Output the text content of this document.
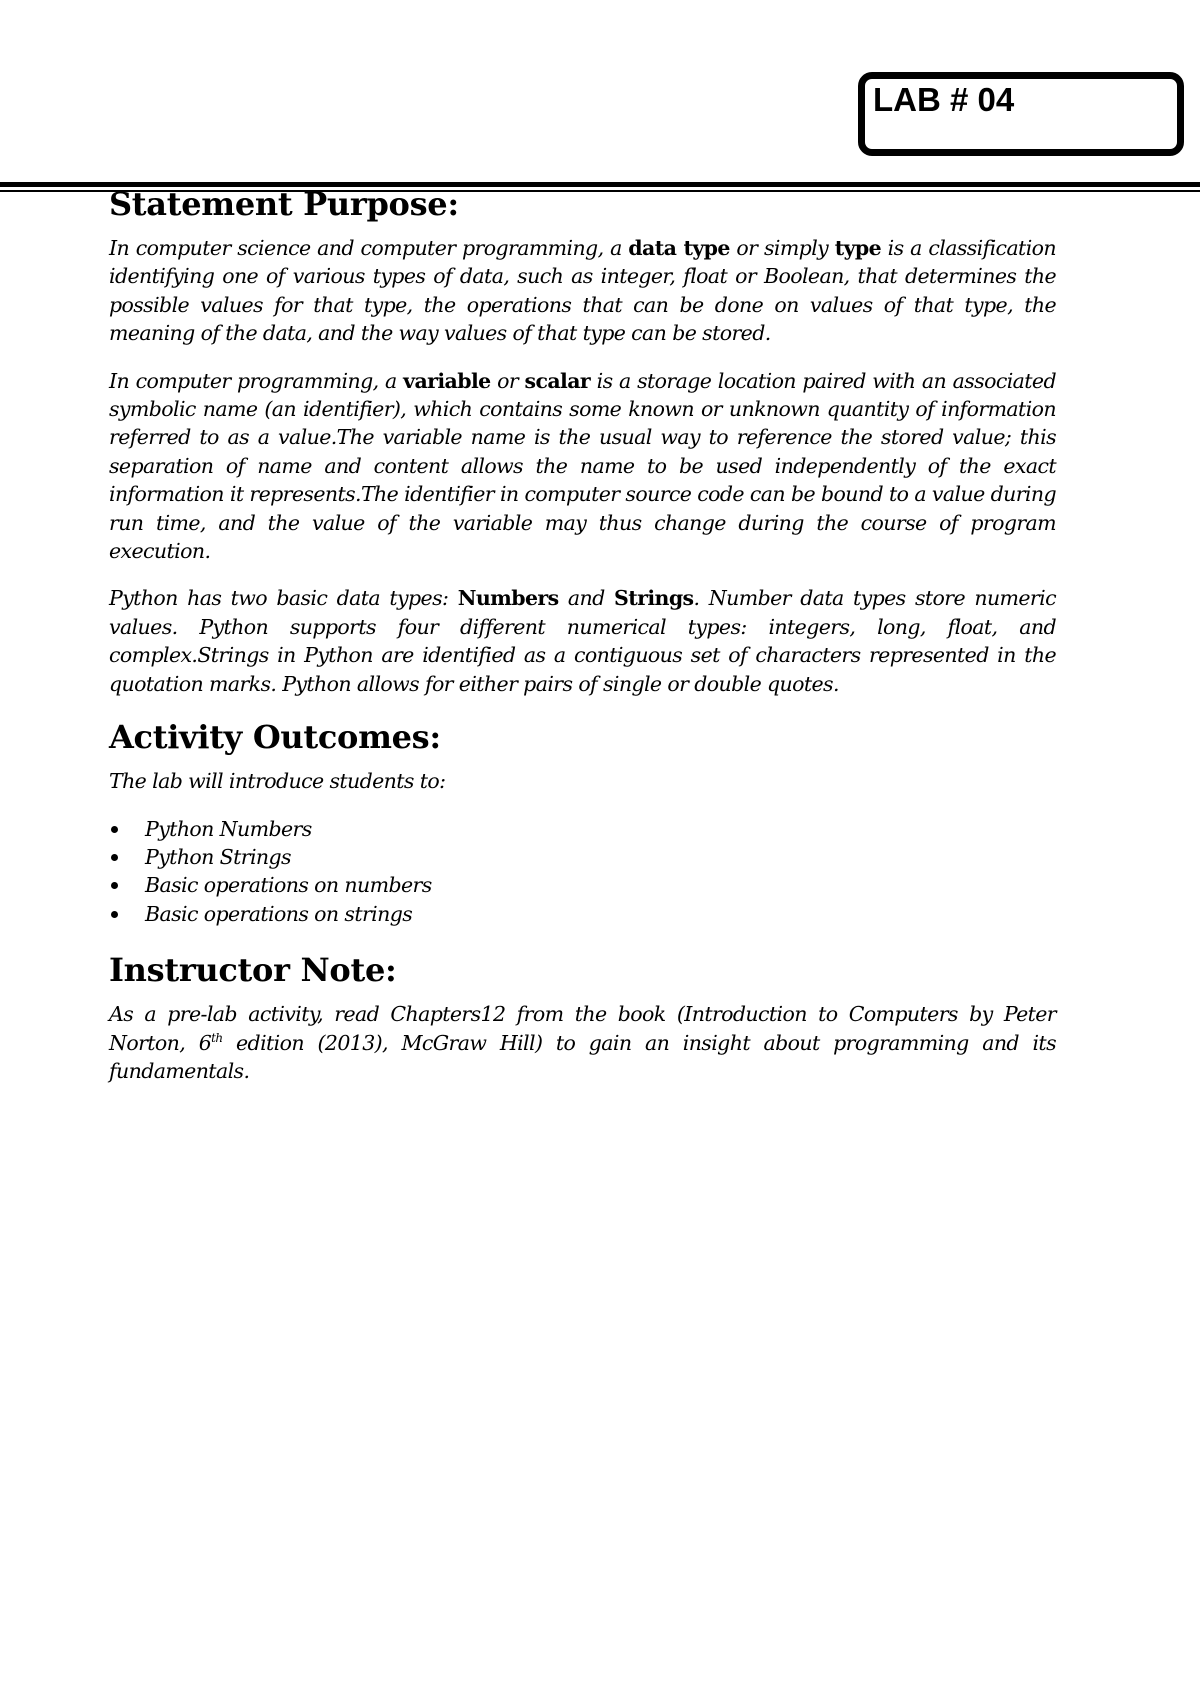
LAB # 04
Statement Purpose:

In computer science and computer programming, a data type or simply type is a classification identifying one of various types of data, such as integer, float or Boolean, that determines the possible values for that type, the operations that can be done on values of that type, the meaning of the data, and the way values of that type can be stored.

In computer programming, a variable or scalar is a storage location paired with an associated symbolic name (an identifier), which contains some known or unknown quantity of information referred to as a value.The variable name is the usual way to reference the stored value; this separation of name and content allows the name to be used independently of the exact information it represents.The identifier in computer source code can be bound to a value during run time, and the value of the variable may thus change during the course of program execution.

Python has two basic data types: Numbers and Strings. Number data types store numeric values. Python supports four different numerical types: integers, long, float, and complex.Strings in Python are identified as a contiguous set of characters represented in the quotation marks. Python allows for either pairs of single or double quotes.

Activity Outcomes:

The lab will introduce students to:

Python Numbers
Python Strings
Basic operations on numbers
Basic operations on strings
Instructor Note:

As a pre-lab activity, read Chapters12 from the book (Introduction to Computers by Peter Norton, 6th edition (2013), McGraw Hill) to gain an insight about programming and its fundamentals.
